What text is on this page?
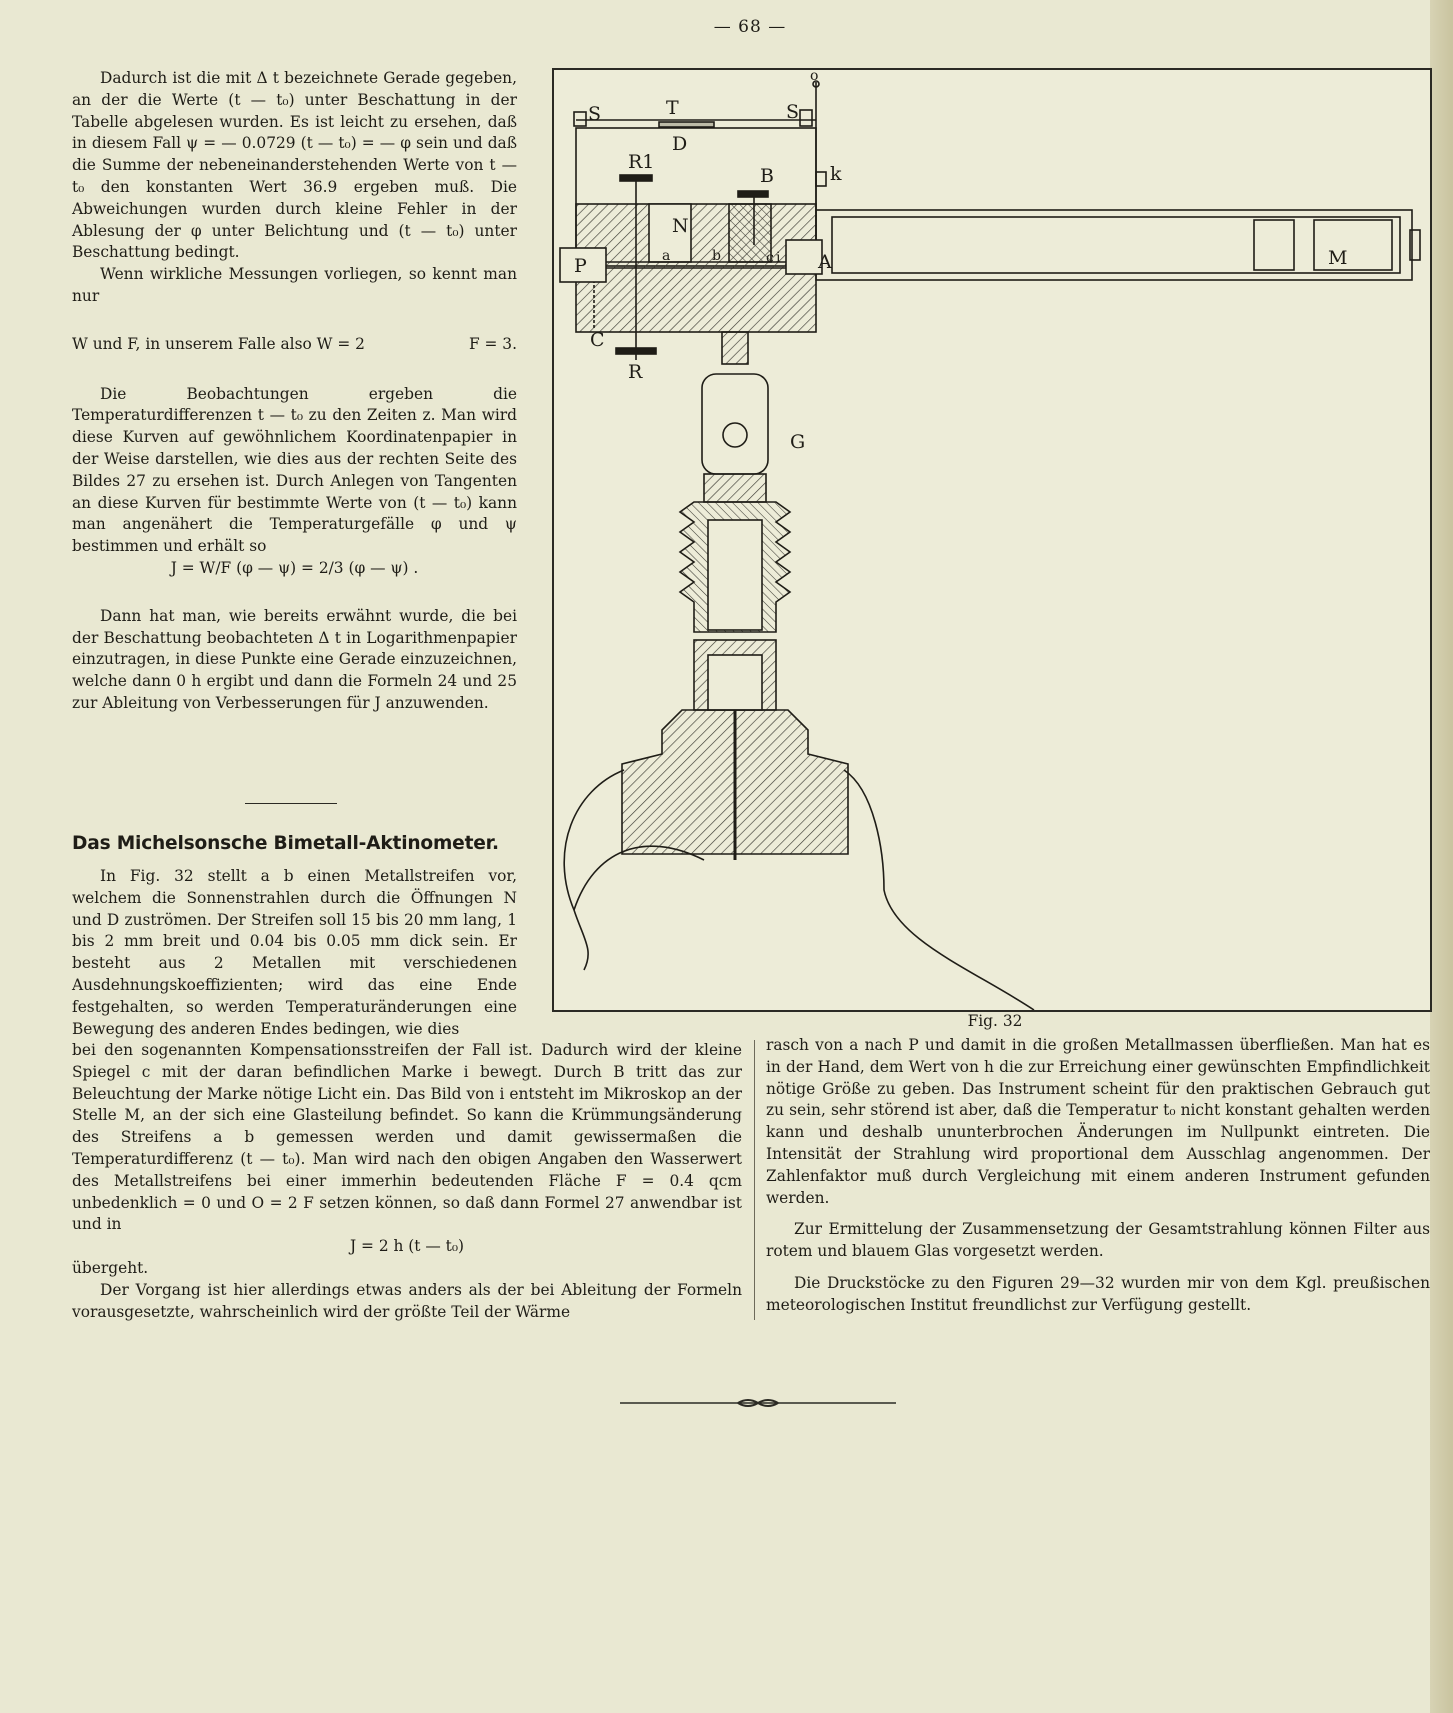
— 68 —

Dadurch ist die mit Δ t bezeichnete Gerade gegeben, an der die Werte (t — t₀) unter Beschattung in der Tabelle abgelesen wurden. Es ist leicht zu ersehen, daß in diesem Fall ψ = — 0.0729 (t — t₀) = — φ sein und daß die Summe der nebeneinanderstehenden Werte von t — t₀ den konstanten Wert 36.9 ergeben muß. Die Abweichungen wurden durch kleine Fehler in der Ablesung der φ unter Belichtung und (t — t₀) unter Beschattung bedingt.

Wenn wirkliche Messungen vorliegen, so kennt man nur

W und F, in unserem Falle also W = 2	F = 3.

Die Beobachtungen ergeben die Temperaturdifferenzen t — t₀ zu den Zeiten z. Man wird diese Kurven auf gewöhnlichem Koordinatenpapier in der Weise darstellen, wie dies aus der rechten Seite des Bildes 27 zu ersehen ist. Durch Anlegen von Tangenten an diese Kurven für bestimmte Werte von (t — t₀) kann man angenähert die Temperaturgefälle φ und ψ bestimmen und erhält so

J = W/F (φ — ψ) = 2/3 (φ — ψ) .

Dann hat man, wie bereits erwähnt wurde, die bei der Beschattung beobachteten Δ t in Logarithmenpapier einzutragen, in diese Punkte eine Gerade einzuzeichnen, welche dann 0 h ergibt und dann die Formeln 24 und 25 zur Ableitung von Verbesserungen für J anzuwenden.

Das Michelsonsche Bimetall-Aktinometer.

In Fig. 32 stellt a b einen Metallstreifen vor, welchem die Sonnenstrahlen durch die Öffnungen N und D zuströmen. Der Streifen soll 15 bis 20 mm lang, 1 bis 2 mm breit und 0.04 bis 0.05 mm dick sein. Er besteht aus 2 Metallen mit verschiedenen Ausdehnungskoeffizienten; wird das eine Ende festgehalten, so werden Temperaturänderungen eine Bewegung des anderen Endes bedingen, wie dies

o
S	T	S
D
R1
B	k
N
P	A	M
C
R
G
a	b	c i
Fig. 32

bei den sogenannten Kompensationsstreifen der Fall ist. Dadurch wird der kleine Spiegel c mit der daran befindlichen Marke i bewegt. Durch B tritt das zur Beleuchtung der Marke nötige Licht ein. Das Bild von i entsteht im Mikroskop an der Stelle M, an der sich eine Glasteilung befindet. So kann die Krümmungsänderung des Streifens a b gemessen werden und damit gewissermaßen die Temperaturdifferenz (t — t₀). Man wird nach den obigen Angaben den Wasserwert des Metallstreifens bei einer immerhin bedeutenden Fläche F = 0.4 qcm unbedenklich = 0 und O = 2 F setzen können, so daß dann Formel 27 anwendbar ist und in

J = 2 h (t — t₀)

übergeht.

Der Vorgang ist hier allerdings etwas anders als der bei Ableitung der Formeln vorausgesetzte, wahrscheinlich wird der größte Teil der Wärme

rasch von a nach P und damit in die großen Metallmassen überfließen. Man hat es in der Hand, dem Wert von h die zur Erreichung einer gewünschten Empfindlichkeit nötige Größe zu geben. Das Instrument scheint für den praktischen Gebrauch gut zu sein, sehr störend ist aber, daß die Temperatur t₀ nicht konstant gehalten werden kann und deshalb ununterbrochen Änderungen im Nullpunkt eintreten. Die Intensität der Strahlung wird proportional dem Ausschlag angenommen. Der Zahlenfaktor muß durch Vergleichung mit einem anderen Instrument gefunden werden.

Zur Ermittelung der Zusammensetzung der Gesamtstrahlung können Filter aus rotem und blauem Glas vorgesetzt werden.

Die Druckstöcke zu den Figuren 29—32 wurden mir von dem Kgl. preußischen meteorologischen Institut freundlichst zur Verfügung gestellt.
